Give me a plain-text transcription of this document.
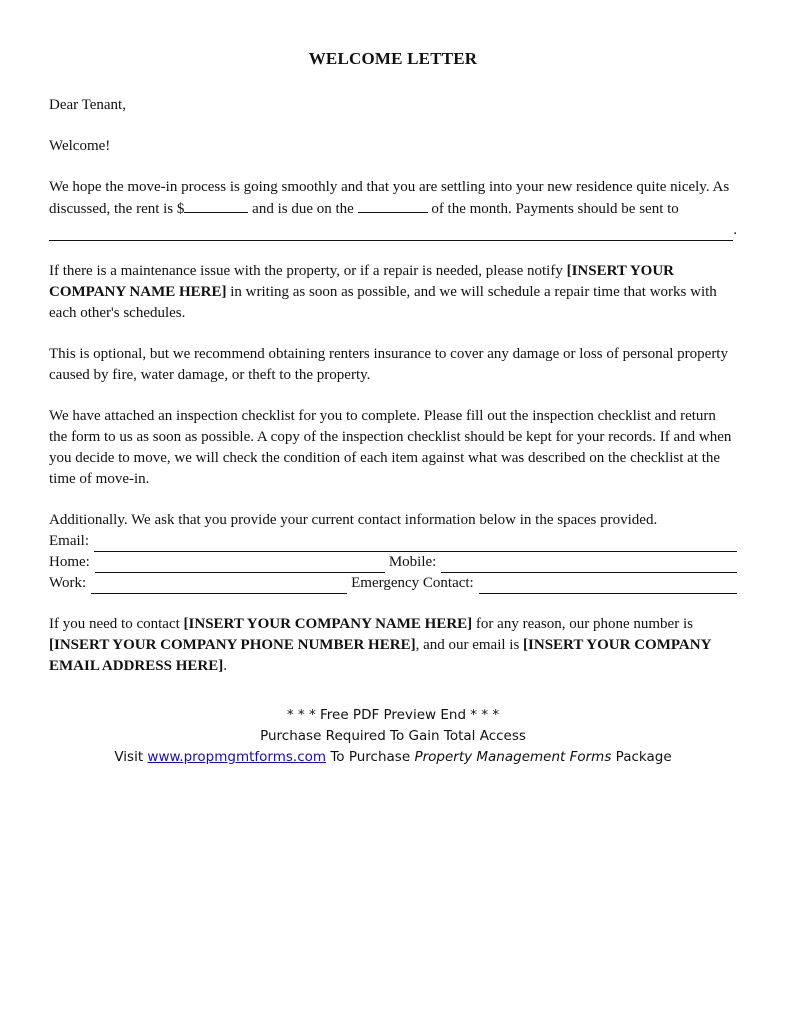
WELCOME LETTER

Dear Tenant,

Welcome!

We hope the move-in process is going smoothly and that you are settling into your new residence quite nicely. As discussed, the rent is $	and is due on the	of the month. Payments should be sent to
.

If there is a maintenance issue with the property, or if a repair is needed, please notify [INSERT YOUR COMPANY NAME HERE] in writing as soon as possible, and we will schedule a repair time that works with each other's schedules.

This is optional, but we recommend obtaining renters insurance to cover any damage or loss of personal property caused by fire, water damage, or theft to the property.

We have attached an inspection checklist for you to complete. Please fill out the inspection checklist and return the form to us as soon as possible. A copy of the inspection checklist should be kept for your records. If and when you decide to move, we will check the condition of each item against what was described on the checklist at the time of move-in.

Additionally. We ask that you provide your current contact information below in the spaces provided.
Email:
Home:	Mobile:
Work:	Emergency Contact:

If you need to contact [INSERT YOUR COMPANY NAME HERE] for any reason, our phone number is [INSERT YOUR COMPANY PHONE NUMBER HERE], and our email is [INSERT YOUR COMPANY EMAIL ADDRESS HERE].

* * * Free PDF Preview End * * *
Purchase Required To Gain Total Access
Visit www.propmgmtforms.com To Purchase Property Management Forms Package
